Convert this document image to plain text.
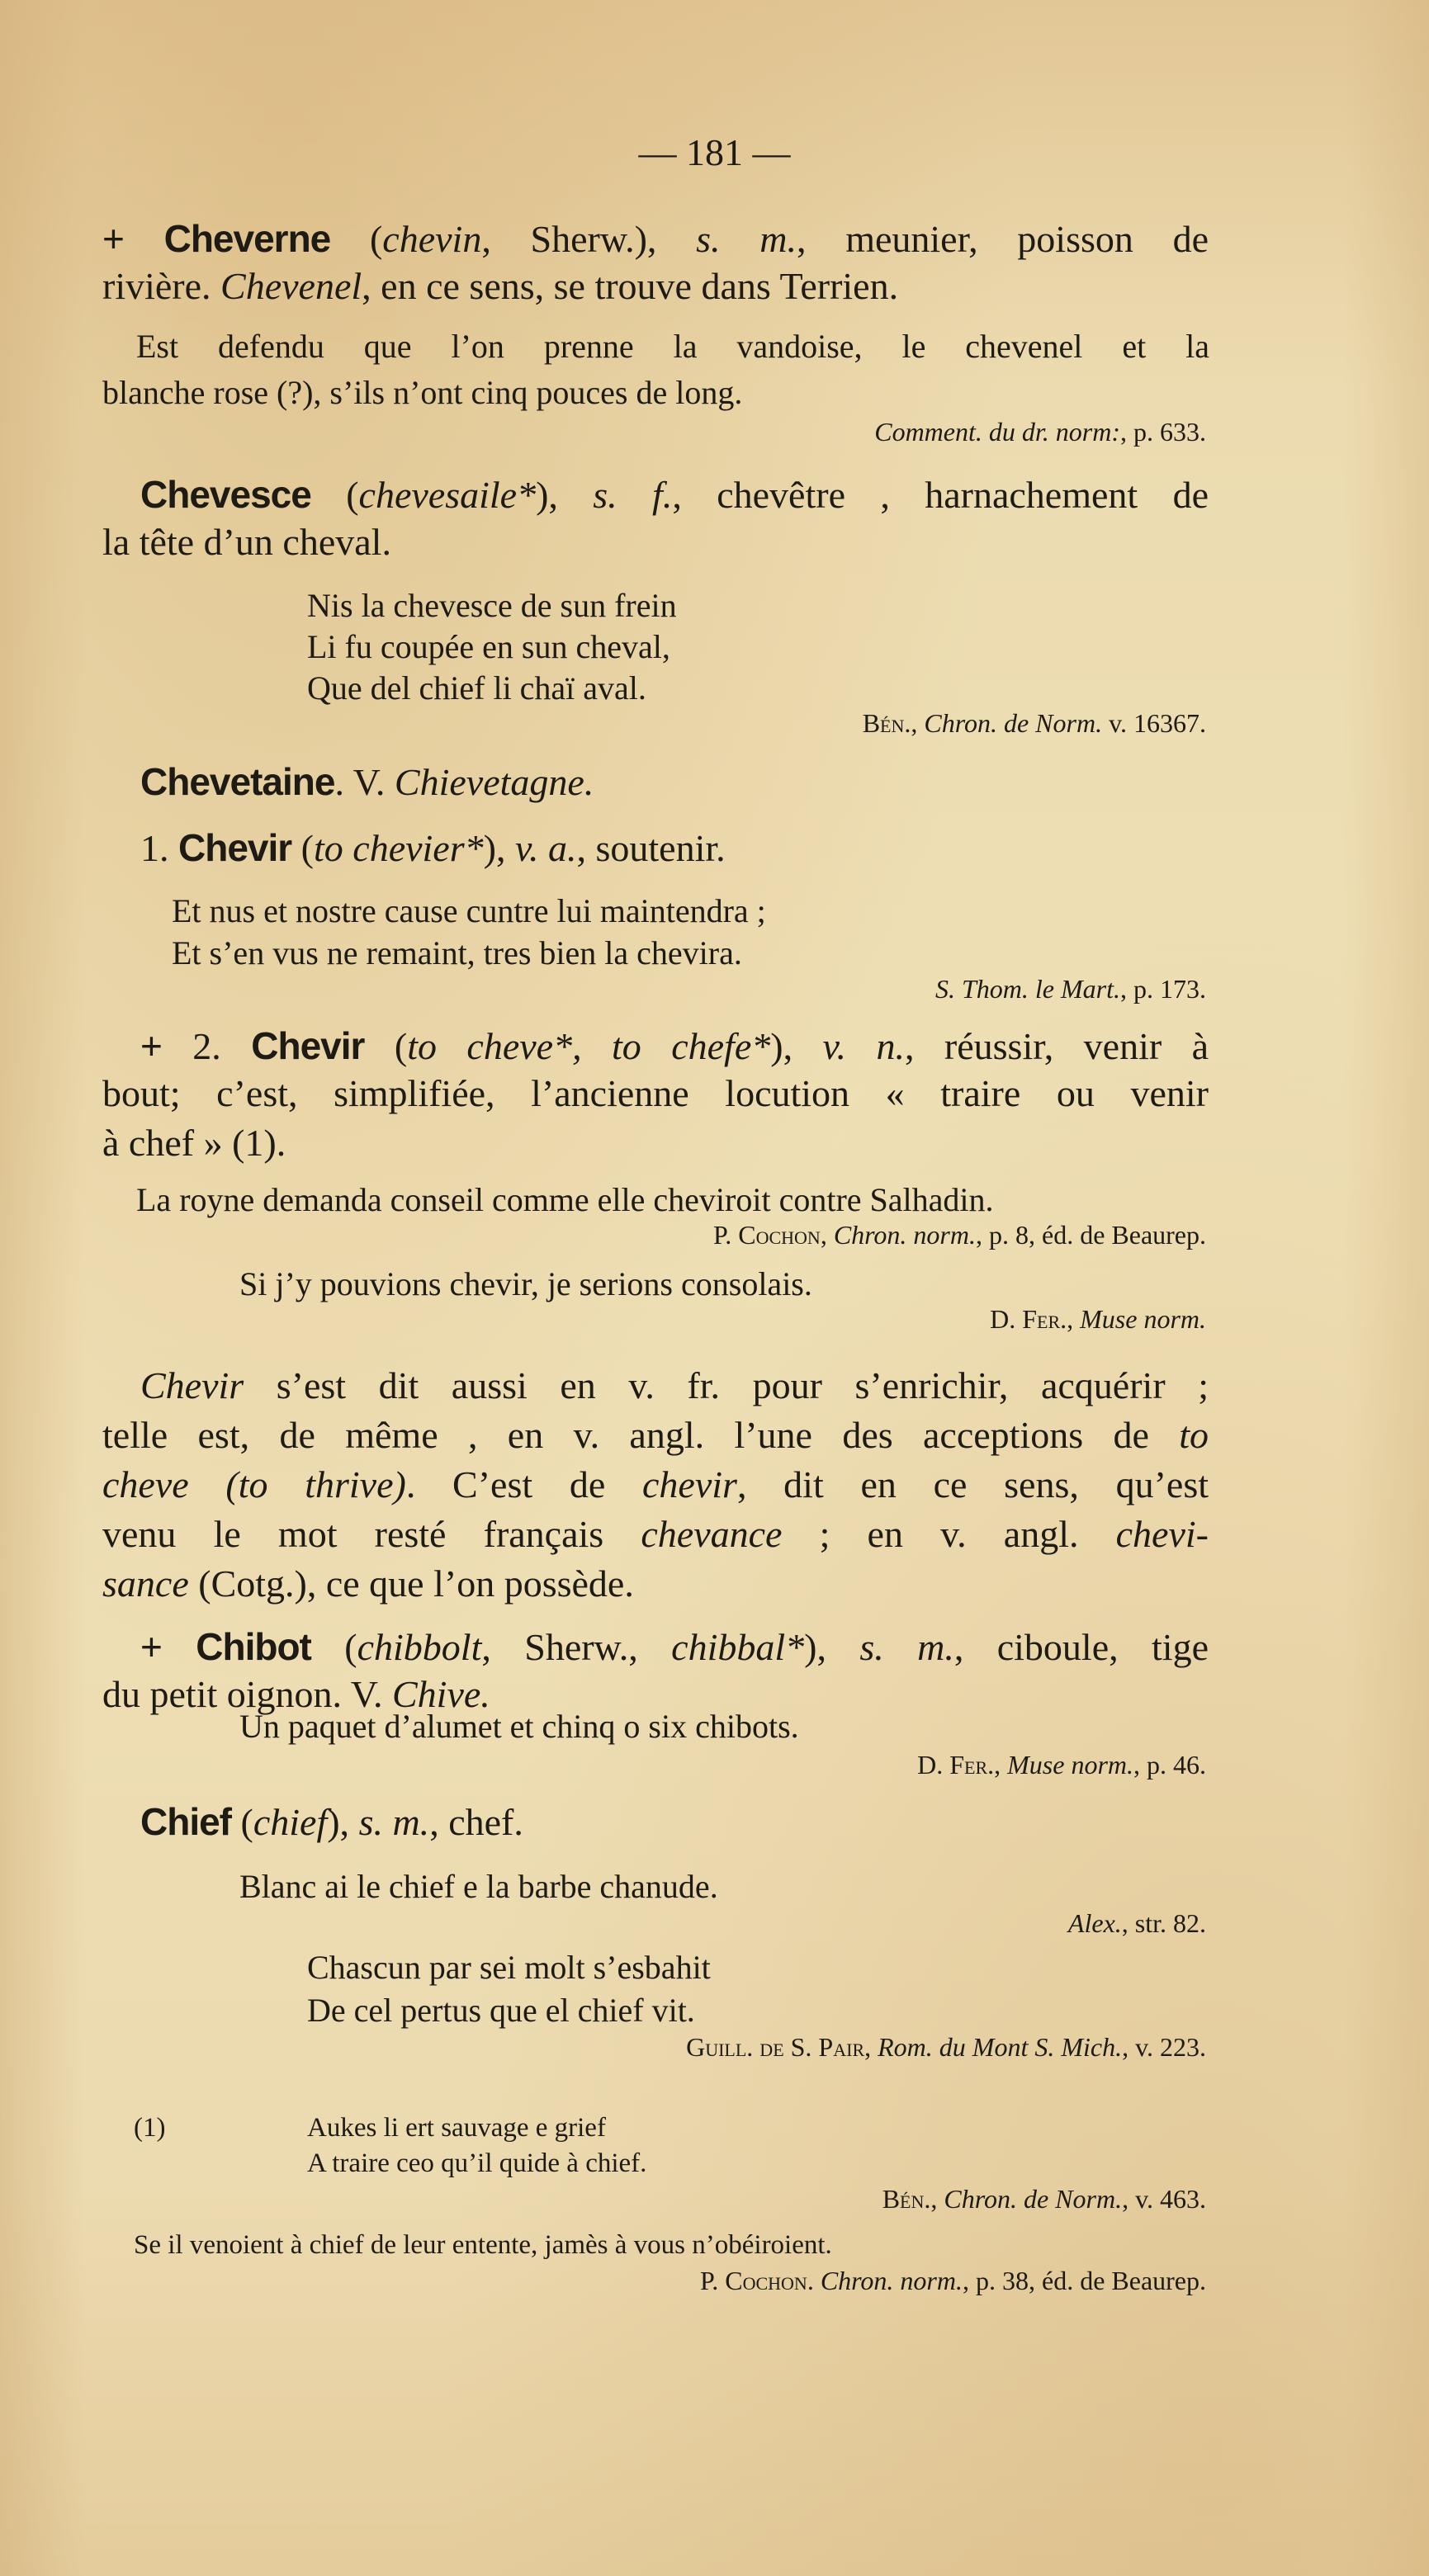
— 181 —
+ Cheverne (chevin, Sherw.), s. m., meunier, poisson de
rivière. Chevenel, en ce sens, se trouve dans Terrien.
Est defendu que l’on prenne la vandoise, le chevenel et la
blanche rose (?), s’ils n’ont cinq pouces de long.
Comment. du dr. norm:, p. 633.
Chevesce (chevesaile*), s. f., chevêtre , harnachement de
la tête d’un cheval.
Nis la chevesce de sun frein
Li fu coupée en sun cheval,
Que del chief li chaï aval.
Bén., Chron. de Norm. v. 16367.
Chevetaine. V. Chievetagne.
1. Chevir (to chevier*), v. a., soutenir.
Et nus et nostre cause cuntre lui maintendra ;
Et s’en vus ne remaint, tres bien la chevira.
S. Thom. le Mart., p. 173.
+ 2. Chevir (to cheve*, to chefe*), v. n., réussir, venir à
bout; c’est, simplifiée, l’ancienne locution « traire ou venir
à chef » (1).
La royne demanda conseil comme elle cheviroit contre Salhadin.
P. Cochon, Chron. norm., p. 8, éd. de Beaurep.
Si j’y pouvions chevir, je serions consolais.
D. Fer., Muse norm.
Chevir s’est dit aussi en v. fr. pour s’enrichir, acquérir ;
telle est, de même , en v. angl. l’une des acceptions de to
cheve (to thrive). C’est de chevir, dit en ce sens, qu’est
venu le mot resté français chevance ; en v. angl. chevi-
sance (Cotg.), ce que l’on possède.
+ Chibot (chibbolt, Sherw., chibbal*), s. m., ciboule, tige
du petit oignon. V. Chive.
Un paquet d’alumet et chinq o six chibots.
D. Fer., Muse norm., p. 46.
Chief (chief), s. m., chef.
Blanc ai le chief e la barbe chanude.
Alex., str. 82.
Chascun par sei molt s’esbahit
De cel pertus que el chief vit.
Guill. de S. Pair, Rom. du Mont S. Mich., v. 223.
(1)	Aukes li ert sauvage e grief
A traire ceo qu’il quide à chief.
Bén., Chron. de Norm., v. 463.
Se il venoient à chief de leur entente, jamès à vous n’obéiroient.
P. Cochon. Chron. norm., p. 38, éd. de Beaurep.
